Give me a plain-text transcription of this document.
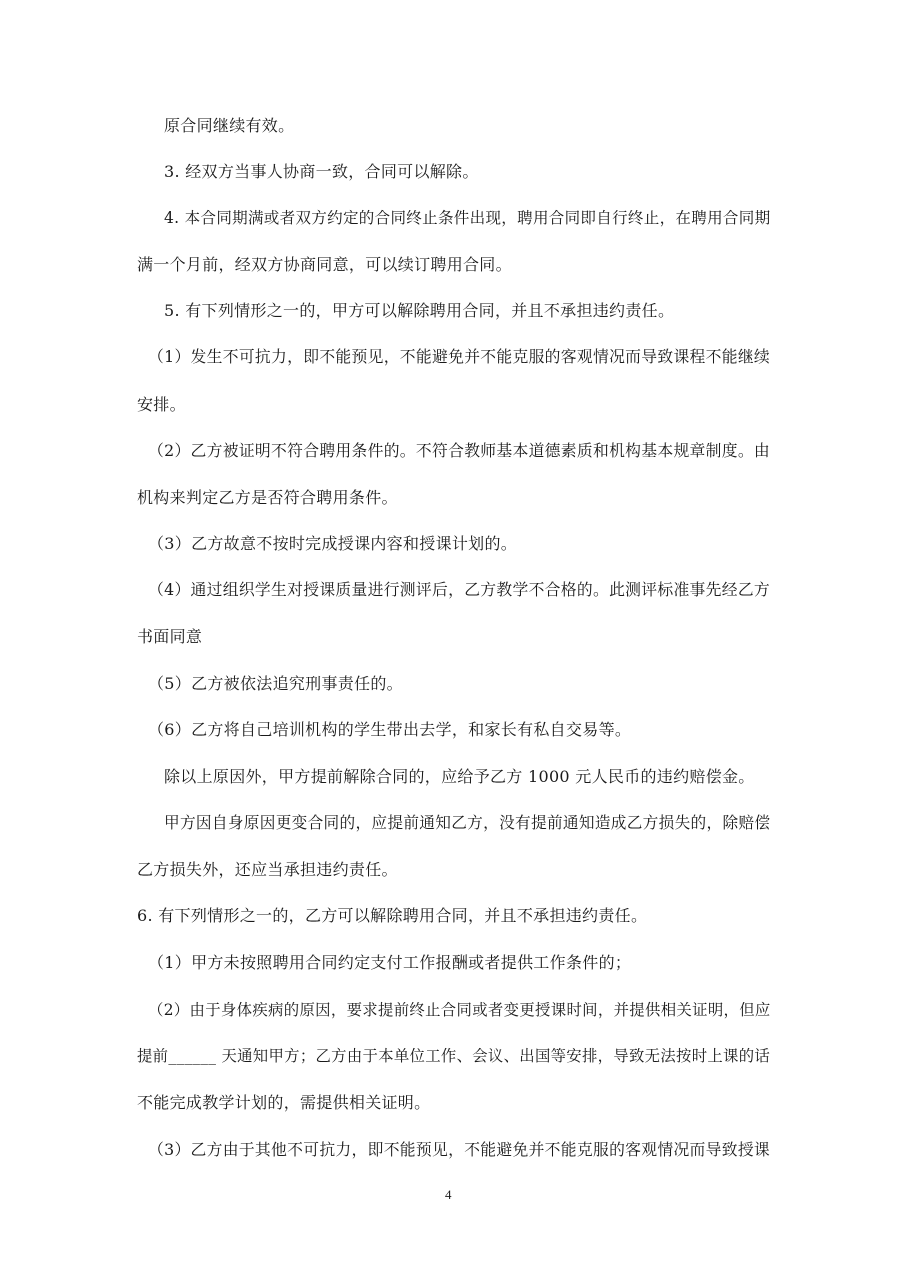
原合同继续有效。
3. 经双方当事人协商一致，合同可以解除。
4. 本合同期满或者双方约定的合同终止条件出现，聘用合同即自行终止，在聘用合同期
满一个月前，经双方协商同意，可以续订聘用合同。
5. 有下列情形之一的，甲方可以解除聘用合同，并且不承担违约责任。
（1）发生不可抗力，即不能预见，不能避免并不能克服的客观情况而导致课程不能继续
安排。
（2）乙方被证明不符合聘用条件的。不符合教师基本道德素质和机构基本规章制度。由
机构来判定乙方是否符合聘用条件。
（3）乙方故意不按时完成授课内容和授课计划的。
（4）通过组织学生对授课质量进行测评后，乙方教学不合格的。此测评标准事先经乙方
书面同意
（5）乙方被依法追究刑事责任的。
（6）乙方将自己培训机构的学生带出去学，和家长有私自交易等。
除以上原因外，甲方提前解除合同的，应给予乙方 1000 元人民币的违约赔偿金。
甲方因自身原因更变合同的，应提前通知乙方，没有提前通知造成乙方损失的，除赔偿
乙方损失外，还应当承担违约责任。
6. 有下列情形之一的，乙方可以解除聘用合同，并且不承担违约责任。
（1）甲方未按照聘用合同约定支付工作报酬或者提供工作条件的；
（2）由于身体疾病的原因，要求提前终止合同或者变更授课时间，并提供相关证明，但应
提前______ 天通知甲方；乙方由于本单位工作、会议、出国等安排，导致无法按时上课的话
不能完成教学计划的，需提供相关证明。
（3）乙方由于其他不可抗力，即不能预见，不能避免并不能克服的客观情况而导致授课
4
